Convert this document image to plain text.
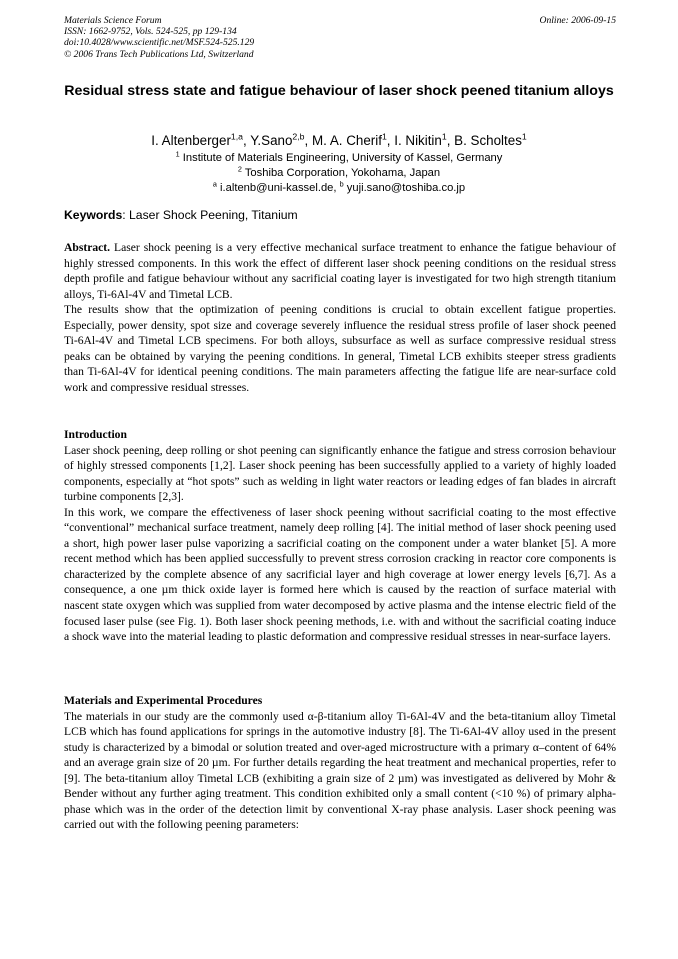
Materials Science Forum
ISSN: 1662-9752, Vols. 524-525, pp 129-134
doi:10.4028/www.scientific.net/MSF.524-525.129
© 2006 Trans Tech Publications Ltd, Switzerland
Online: 2006-09-15
Residual stress state and fatigue behaviour of laser shock peened titanium alloys
I. Altenberger$^{1,a}$, Y.Sano$^{2,b}$, M. A. Cherif$^1$, I. Nikitin$^1$, B. Scholtes$^1$
$^1$ Institute of Materials Engineering, University of Kassel, Germany
$^2$ Toshiba Corporation, Yokohama, Japan
$^a$ i.altenb@uni-kassel.de, $^b$ yuji.sano@toshiba.co.jp
Keywords: Laser Shock Peening, Titanium

Abstract. Laser shock peening is a very effective mechanical surface treatment to enhance the fatigue behaviour of highly stressed components. In this work the effect of different laser shock peening conditions on the residual stress depth profile and fatigue behaviour without any sacrificial coating layer is investigated for two high strength titanium alloys, Ti-6Al-4V and Timetal LCB.

The results show that the optimization of peening conditions is crucial to obtain excellent fatigue properties. Especially, power density, spot size and coverage severely influence the residual stress profile of laser shock peened Ti-6Al-4V and Timetal LCB specimens. For both alloys, subsurface as well as surface compressive residual stress peaks can be obtained by varying the peening conditions. In general, Timetal LCB exhibits steeper stress gradients than Ti-6Al-4V for identical peening conditions. The main parameters affecting the fatigue life are near-surface cold work and compressive residual stresses.

Introduction

Laser shock peening, deep rolling or shot peening can significantly enhance the fatigue and stress corrosion behaviour of highly stressed components [1,2]. Laser shock peening has been successfully applied to a variety of highly loaded components, especially at “hot spots” such as welding in light water reactors or leading edges of fan blades in aircraft turbine components [2,3].

In this work, we compare the effectiveness of laser shock peening without sacrificial coating to the most effective “conventional” mechanical surface treatment, namely deep rolling [4]. The initial method of laser shock peening used a short, high power laser pulse vaporizing a sacrificial coating on the component under a water blanket [5]. A more recent method which has been applied successfully to prevent stress corrosion cracking in reactor core components is characterized by the complete absence of any sacrificial layer and high coverage at lower energy levels [6,7]. As a consequence, a one µm thick oxide layer is formed here which is caused by the reaction of surface material with nascent state oxygen which was supplied from water decomposed by active plasma and the intense electric field of the focused laser pulse (see Fig. 1). Both laser shock peening methods, i.e. with and without the sacrificial coating induce a shock wave into the material leading to plastic deformation and compressive residual stresses in near-surface layers.

Materials and Experimental Procedures

The materials in our study are the commonly used α-β-titanium alloy Ti-6Al-4V and the beta-titanium alloy Timetal LCB which has found applications for springs in the automotive industry [8]. The Ti-6Al-4V alloy used in the present study is characterized by a bimodal or solution treated and over-aged microstructure with a primary α–content of 64% and an average grain size of 20 µm. For further details regarding the heat treatment and mechanical properties, refer to [9]. The beta-titanium alloy Timetal LCB (exhibiting a grain size of 2 µm) was investigated as delivered by Mohr & Bender without any further aging treatment. This condition exhibited only a small content (<10 %) of primary alpha-phase which was in the order of the detection limit by conventional X-ray phase analysis. Laser shock peening was carried out with the following peening parameters:
